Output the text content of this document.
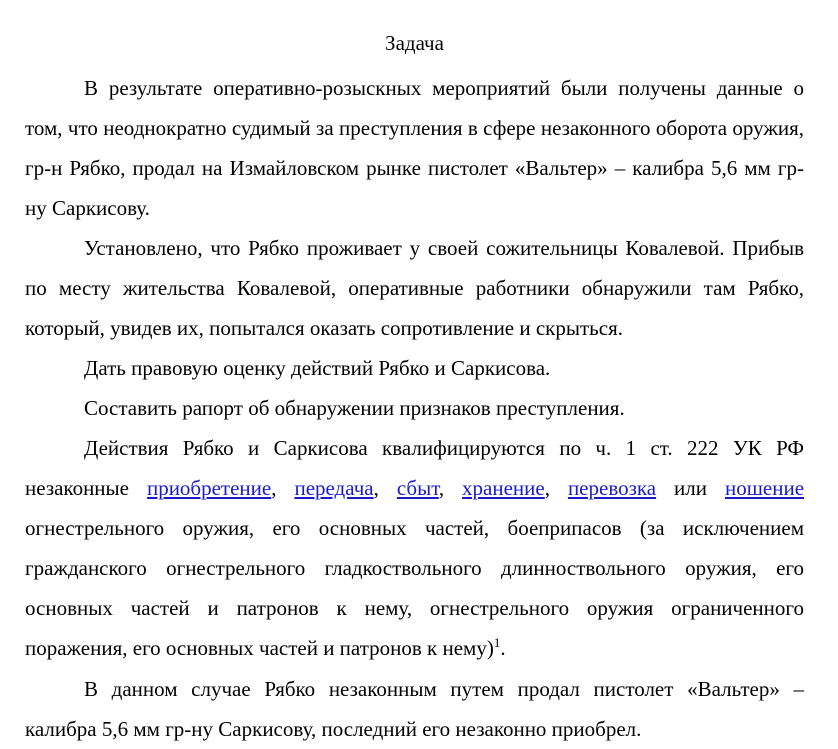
Задача

В результате оперативно-розыскных мероприятий были получены данные о том, что неоднократно судимый за преступления в сфере незаконного оборота оружия, гр-н Рябко, продал на Измайловском рынке пистолет «Вальтер» – калибра 5,6 мм гр-ну Саркисову.

Установлено, что Рябко проживает у своей сожительницы Ковалевой. Прибыв по месту жительства Ковалевой, оперативные работники обнаружили там Рябко, который, увидев их, попытался оказать сопротивление и скрыться.

Дать правовую оценку действий Рябко и Саркисова.

Составить рапорт об обнаружении признаков преступления.

Действия Рябко и Саркисова квалифицируются по ч. 1 ст. 222 УК РФ незаконные приобретение, передача, сбыт, хранение, перевозка или ношение огнестрельного оружия, его основных частей, боеприпасов (за исключением гражданского огнестрельного гладкоствольного длинноствольного оружия, его основных частей и патронов к нему, огнестрельного оружия ограниченного поражения, его основных частей и патронов к нему)$^1$.

В данном случае Рябко незаконным путем продал пистолет «Вальтер» – калибра 5,6 мм гр-ну Саркисову, последний его незаконно приобрел.
